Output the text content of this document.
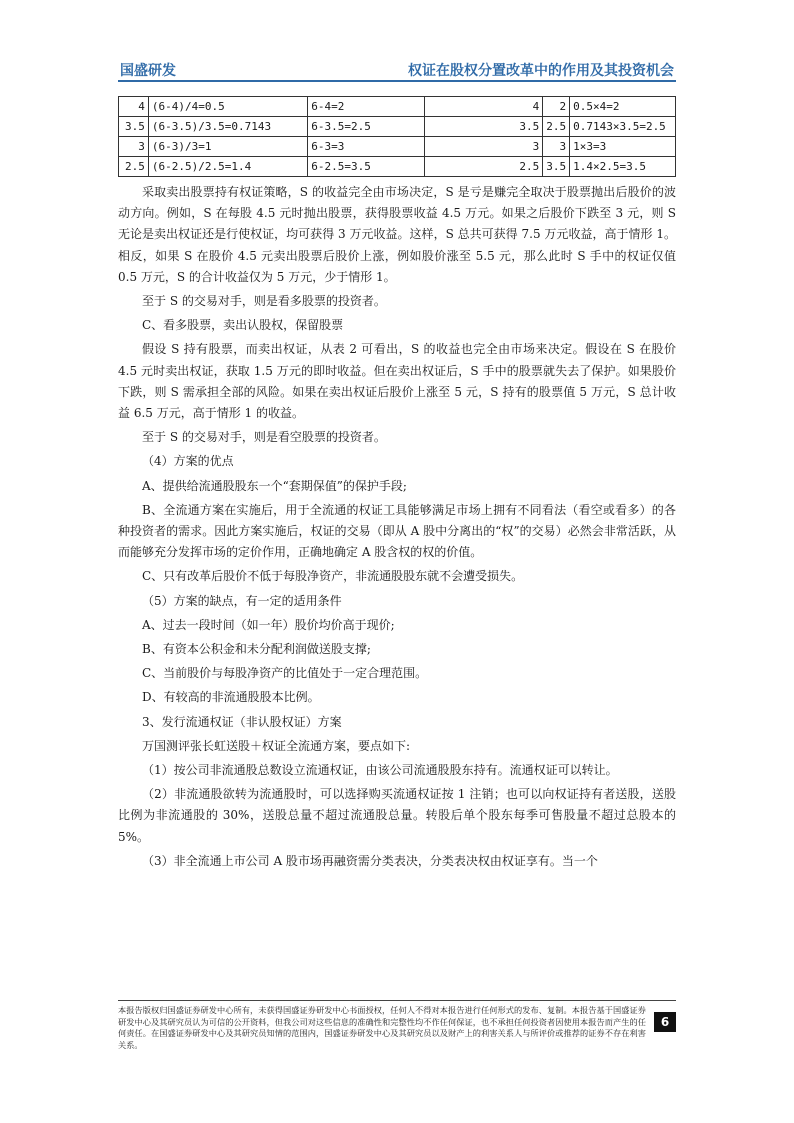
国盛研发	权证在股权分置改革中的作用及其投资机会
4	(6-4)/4=0.5	6-4=2	4	2	0.5×4=2
3.5	(6-3.5)/3.5=0.7143	6-3.5=2.5	3.5	2.5	0.7143×3.5=2.5
3	(6-3)/3=1	6-3=3	3	3	1×3=3
2.5	(6-2.5)/2.5=1.4	6-2.5=3.5	2.5	3.5	1.4×2.5=3.5

采取卖出股票持有权证策略，S 的收益完全由市场决定，S 是亏是赚完全取决于股票抛出后股价的波动方向。例如，S 在每股 4.5 元时抛出股票，获得股票收益 4.5 万元。如果之后股价下跌至 3 元，则 S 无论是卖出权证还是行使权证，均可获得 3 万元收益。这样，S 总共可获得 7.5 万元收益，高于情形 1。相反，如果 S 在股价 4.5 元卖出股票后股价上涨，例如股价涨至 5.5 元，那么此时 S 手中的权证仅值 0.5 万元，S 的合计收益仅为 5 万元，少于情形 1。

至于 S 的交易对手，则是看多股票的投资者。

C、看多股票，卖出认股权，保留股票

假设 S 持有股票，而卖出权证，从表 2 可看出，S 的收益也完全由市场来决定。假设在 S 在股价 4.5 元时卖出权证，获取 1.5 万元的即时收益。但在卖出权证后，S 手中的股票就失去了保护。如果股价下跌，则 S 需承担全部的风险。如果在卖出权证后股价上涨至 5 元，S 持有的股票值 5 万元，S 总计收益 6.5 万元，高于情形 1 的收益。

至于 S 的交易对手，则是看空股票的投资者。

（4）方案的优点

A、提供给流通股股东一个“套期保值”的保护手段;

B、全流通方案在实施后，用于全流通的权证工具能够满足市场上拥有不同看法（看空或看多）的各种投资者的需求。因此方案实施后，权证的交易（即从 A 股中分离出的“权”的交易）必然会非常活跃，从而能够充分发挥市场的定价作用，正确地确定 A 股含权的权的价值。

C、只有改革后股价不低于每股净资产，非流通股股东就不会遭受损失。

（5）方案的缺点，有一定的适用条件

A、过去一段时间（如一年）股价均价高于现价;

B、有资本公积金和未分配利润做送股支撑;

C、当前股价与每股净资产的比值处于一定合理范围。

D、有较高的非流通股股本比例。

3、发行流通权证（非认股权证）方案

万国测评张长虹送股＋权证全流通方案，要点如下:

（1）按公司非流通股总数设立流通权证，由该公司流通股股东持有。流通权证可以转让。

（2）非流通股欲转为流通股时，可以选择购买流通权证按 1 注销；也可以向权证持有者送股，送股比例为非流通股的 30%，送股总量不超过流通股总量。转股后单个股东每季可售股量不超过总股本的 5%。

（3）非全流通上市公司 A 股市场再融资需分类表决，分类表决权由权证享有。当一个

本报告版权归国盛证券研发中心所有，未获得国盛证券研发中心书面授权，任何人不得对本报告进行任何形式的发布、复制。本报告基于国盛证券研发中心及其研究员认为可信的公开资料，但我公司对这些信息的准确性和完整性均不作任何保证，也不承担任何投资者因使用本报告而产生的任何责任。在国盛证券研发中心及其研究员知情的范围内，国盛证券研发中心及其研究员以及财产上的利害关系人与所评价或推荐的证券不存在利害关系。
6
